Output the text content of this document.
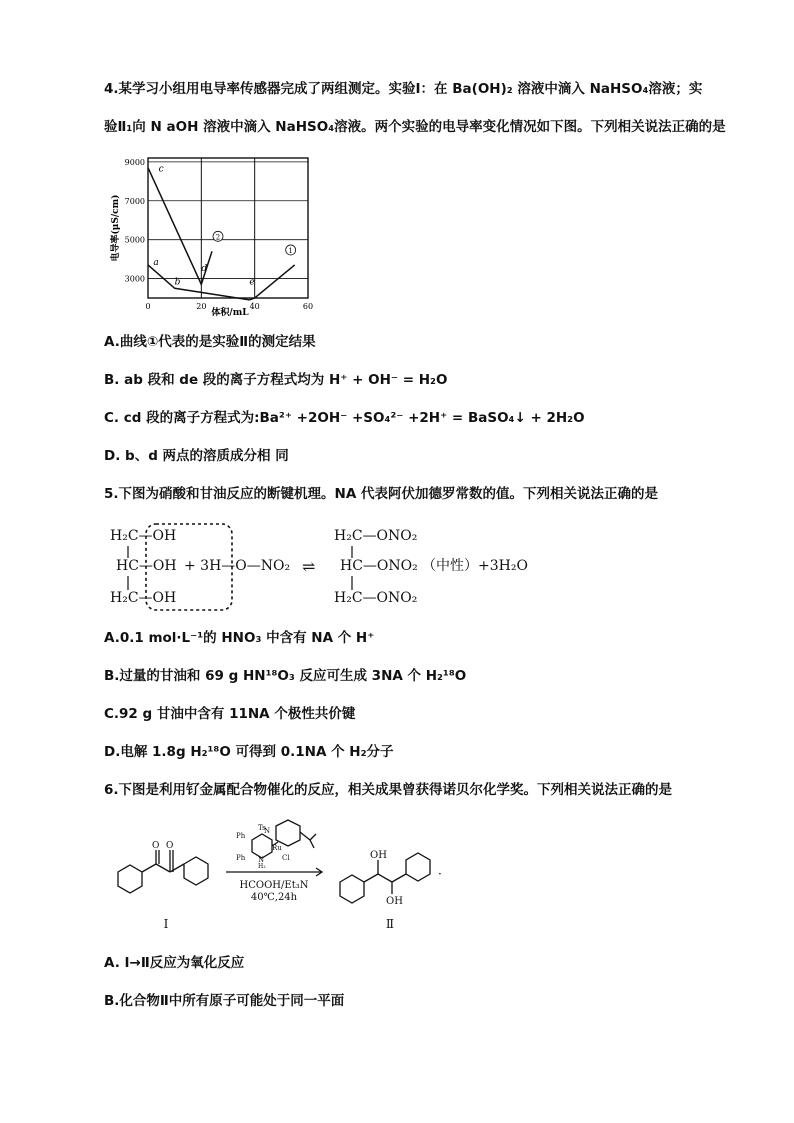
4.某学习小组用电导率传感器完成了两组测定。实验Ⅰ：在 Ba(OH)₂ 溶液中滴入 NaHSO₄溶液；实
验Ⅱ₁向 N aOH 溶液中滴入 NaHSO₄溶液。两个实验的电导率变化情况如下图。下列相关说法正确的是
3000
5000
7000
9000
0	20	40	60
1
2
a
b
c
d
e
电导率(μS/cm)
体积/mL
A.曲线①代表的是实验Ⅱ的测定结果
B. ab 段和 de 段的离子方程式均为 H⁺ + OH⁻ = H₂O
C. cd 段的离子方程式为:Ba²⁺ +2OH⁻ +SO₄²⁻ +2H⁺ = BaSO₄↓ + 2H₂O
D. b、d 两点的溶质成分相 同
5.下图为硝酸和甘油反应的断键机理。NA 代表阿伏加德罗常数的值。下列相关说法正确的是
H₂C—OH
HC—OH
H₂C—OH
+ 3H—O—NO₂ ⇌
H₂C—ONO₂
HC—ONO₂
H₂C—ONO₂
（中性）+3H₂O
A.0.1 mol·L⁻¹的 HNO₃ 中含有 NA 个 H⁺
B.过量的甘油和 69 g HN¹⁸O₃ 反应可生成 3NA 个 H₂¹⁸O
C.92 g 甘油中含有 11NA 个极性共价键
D.电解 1.8g H₂¹⁸O 可得到 0.1NA 个 H₂分子
6.下图是利用钌金属配合物催化的反应，相关成果曾获得诺贝尔化学奖。下列相关说法正确的是
O O
Ts
Ph
Ph
Ru
Cl
N
N
H₂
HCOOH/Et₃N
40℃,24h
OH
OH
Ⅰ	Ⅱ
·
A. Ⅰ→Ⅱ反应为氧化反应
B.化合物Ⅱ中所有原子可能处于同一平面
